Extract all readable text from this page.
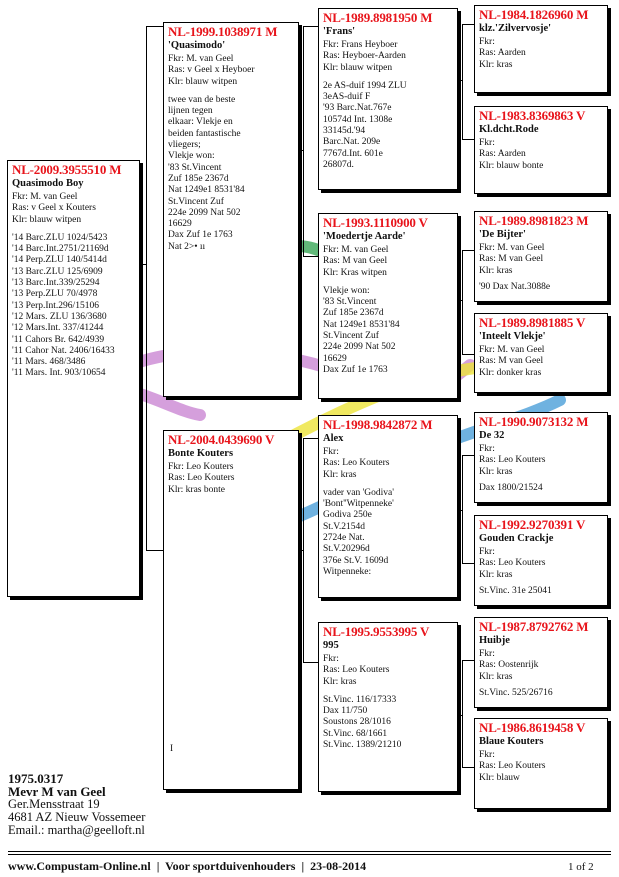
NL-2009.3955510 M
Quasimodo Boy
Fkr: M. van Geel
Ras: v Geel x Kouters
Klr: blauw witpen
'14 Barc.ZLU 1024/5423
'14 Barc.Int.2751/21169d
'14 Perp.ZLU 140/5414d
'13 Barc.ZLU 125/6909
'13 Barc.Int.339/25294
'13 Perp.ZLU 70/4978
'13 Perp.Int.296/15106
'12 Mars. ZLU 136/3680
'12 Mars.Int. 337/41244
'11 Cahors Br. 642/4939
'11 Cahor Nat. 2406/16433
'11 Mars. 468/3486
'11 Mars. Int. 903/10654
NL-1999.1038971 M
'Quasimodo'
Fkr: M. van Geel
Ras: v Geel x Heyboer
Klr: blauw witpen
twee van de beste
lijnen tegen
elkaar: Vlekje en
beiden fantastische
vliegers;
Vlekje won:
'83 St.Vincent
Zuf 185e 2367d
Nat 1249e1 8531'84
St.Vincent Zuf
224e 2099 Nat 502
16629
Dax Zuf 1e 1763
Nat 2>• ıı
NL-2004.0439690 V
Bonte Kouters
Fkr: Leo Kouters
Ras: Leo Kouters
Klr: kras bonte
I
NL-1989.8981950 M
'Frans'
Fkr: Frans Heyboer
Ras: Heyboer-Aarden
Klr: blauw witpen
2e AS-duif 1994 ZLU
3eAS-duif F
'93 Barc.Nat.767e
10574d Int. 1308e
33145d.'94
Barc.Nat. 209e
7767d.Int. 601e
26807d.
NL-1993.1110900 V
'Moedertje Aarde'
Fkr: M. van Geel
Ras: M van Geel
Klr: Kras witpen
Vlekje won:
'83 St.Vincent
Zuf 185e 2367d
Nat 1249e1 8531'84
St.Vincent Zuf
224e 2099 Nat 502
16629
Dax Zuf 1e 1763
NL-1998.9842872 M
Alex
Fkr:
Ras: Leo Kouters
Klr: kras
vader van 'Godiva'
'Bont''Witpenneke'
Godiva 250e
St.V.2154d
2724e Nat.
St.V.20296d
376e St.V. 1609d
Witpenneke:
NL-1995.9553995 V
995
Fkr:
Ras: Leo Kouters
Klr: kras
St.Vinc. 116/17333
Dax 11/750
Soustons 28/1016
St.Vinc. 68/1661
St.Vinc. 1389/21210
NL-1984.1826960 M
klz.'Zilvervosje'
Fkr:
Ras: Aarden
Klr: kras
NL-1983.8369863 V
Kl.dcht.Rode
Fkr:
Ras: Aarden
Klr: blauw bonte
NL-1989.8981823 M
'De Bijter'
Fkr: M. van Geel
Ras: M van Geel
Klr: kras
'90 Dax Nat.3088e
NL-1989.8981885 V
'Inteelt Vlekje'
Fkr: M. van Geel
Ras: M van Geel
Klr: donker kras
NL-1990.9073132 M
De 32
Fkr:
Ras: Leo Kouters
Klr: kras
Dax 1800/21524
NL-1992.9270391 V
Gouden Crackje
Fkr:
Ras: Leo Kouters
Klr: kras
St.Vinc. 31e 25041
NL-1987.8792762 M
Huibje
Fkr:
Ras: Oostenrijk
Klr: kras
St.Vinc. 525/26716
NL-1986.8619458 V
Blaue Kouters
Fkr:
Ras: Leo Kouters
Klr: blauw
1975.0317
Mevr M van Geel
Ger.Mensstraat 19
4681 AZ Nieuw Vossemeer
Email.: martha@geelloft.nl
www.Compustam-Online.nl  |  Voor sportduivenhouders  |  23-08-2014	1 of 2
